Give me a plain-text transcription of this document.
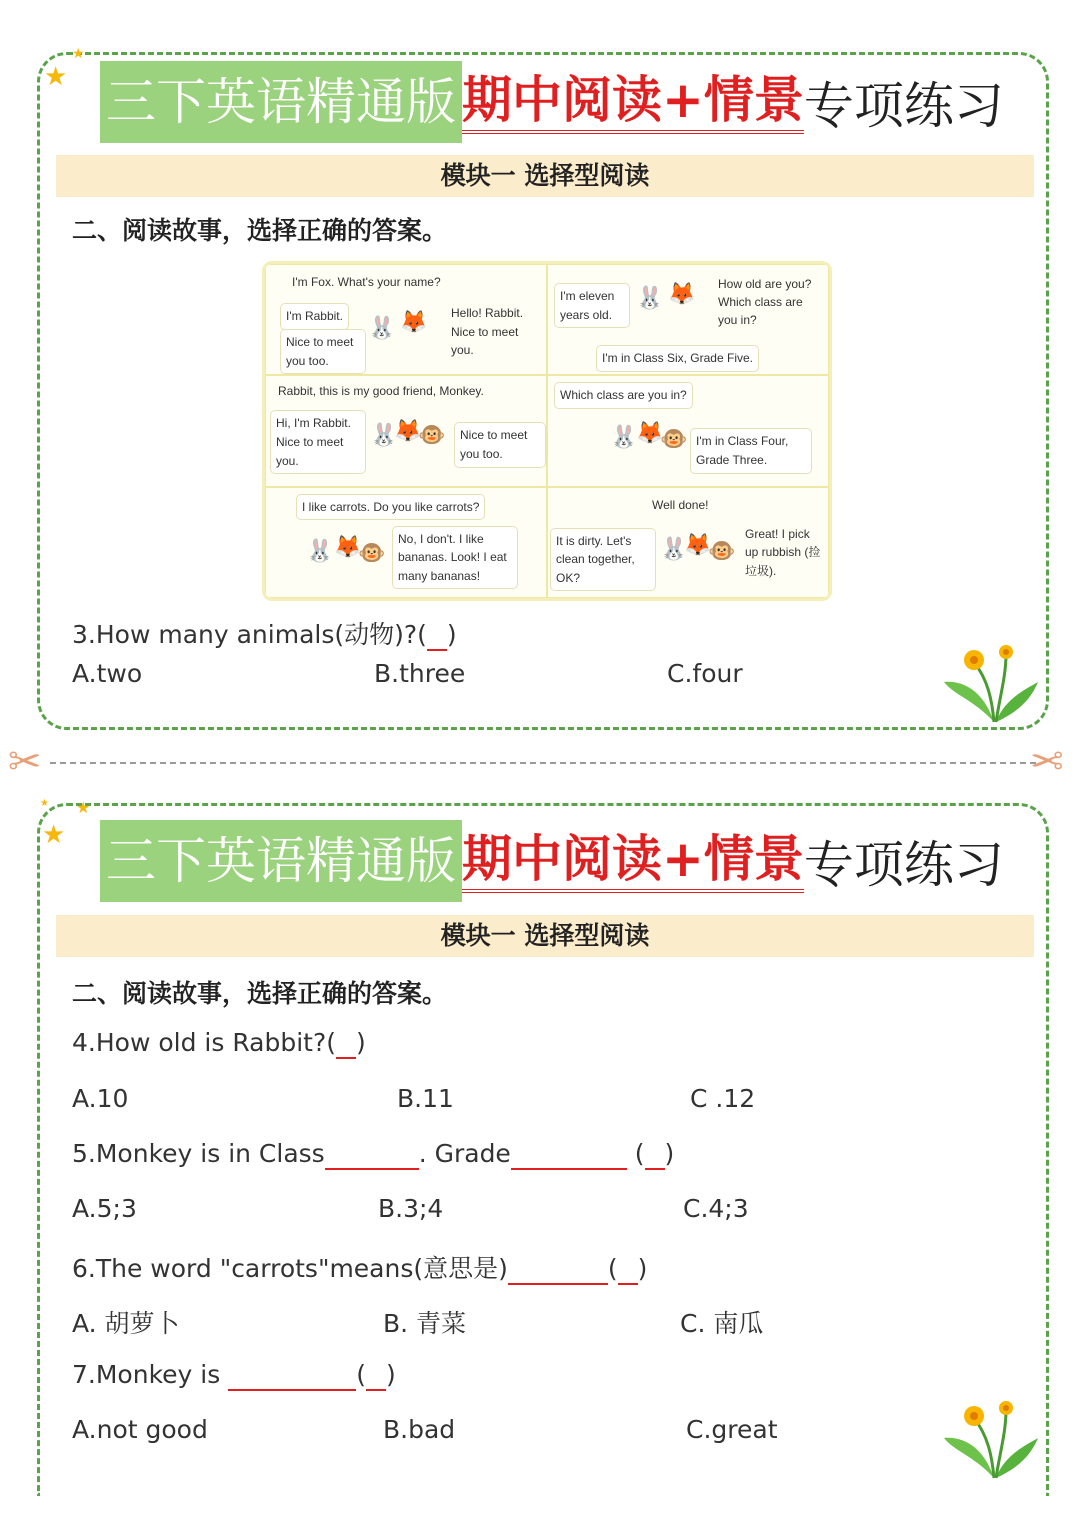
三下英语精通版 期中阅读+情景 专项练习
模块一 选择型阅读
二、阅读故事，选择正确的答案。
I'm Fox. What's your name?
I'm Rabbit.
Nice to meet you too.
🐰 🦊	Hello! Rabbit. Nice to meet you.
I'm eleven years old.
🐰 🦊 How old are you? Which class are you in?
I'm in Class Six, Grade Five.
Rabbit, this is my good friend, Monkey.
Hi, I'm Rabbit. Nice to meet you.
🐰
🦊
🐵	Nice to meet you too.
Which class are you in?
🐰
🦊
🐵 I'm in Class Four, Grade Three.
I like carrots. Do you like carrots?
🐰 🦊
🐵
No, I don't. I like bananas. Look! I eat many bananas!
Well done!
It is dirty. Let's clean together, OK?
🐰
🦊
🐵
Great! I pick up rubbish (捡垃圾).
3.How many animals(动物)?( )
A.two	B.three	C.four
★
★
✂	✂
三下英语精通版 期中阅读+情景 专项练习
模块一 选择型阅读
二、阅读故事，选择正确的答案。
4.How old is Rabbit?( )
A.10	B.11	C .12
5.Monkey is in Class	. Grade	( )
A.5;3	B.3;4	C.4;3
6.The word "carrots"means(意思是)	( )
A. 胡萝卜	B. 青菜	C. 南瓜
7.Monkey is	( )
A.not good	B.bad	C.great
★
★
★
